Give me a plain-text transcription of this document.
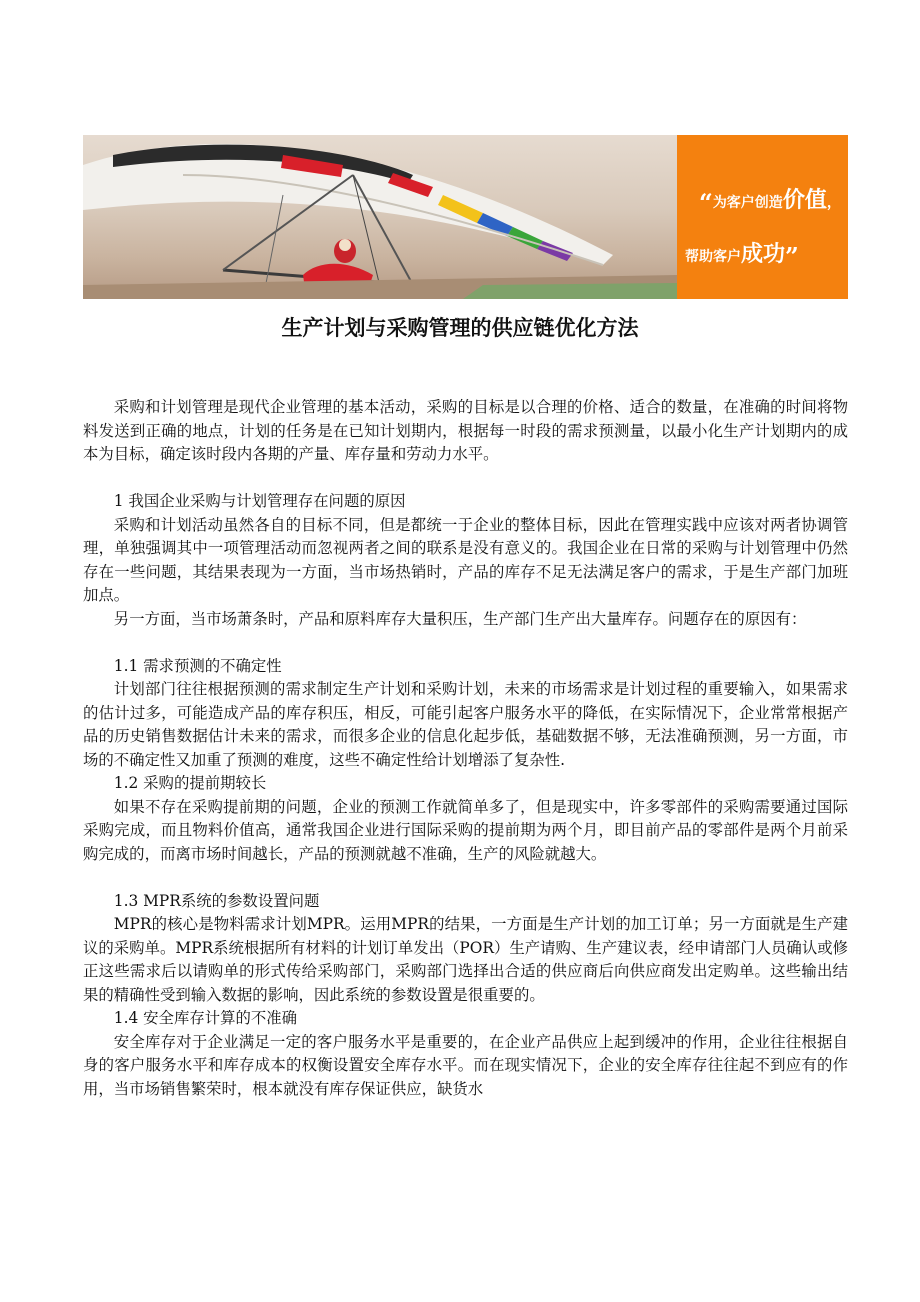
“为客户创造价值，
帮助客户成功”
生产计划与采购管理的供应链优化方法

采购和计划管理是现代企业管理的基本活动，采购的目标是以合理的价格、适合的数量，在准确的时间将物料发送到正确的地点，计划的任务是在已知计划期内，根据每一时段的需求预测量，以最小化生产计划期内的成本为目标，确定该时段内各期的产量、库存量和劳动力水平。

1 我国企业采购与计划管理存在问题的原因

采购和计划活动虽然各自的目标不同，但是都统一于企业的整体目标，因此在管理实践中应该对两者协调管理，单独强调其中一项管理活动而忽视两者之间的联系是没有意义的。我国企业在日常的采购与计划管理中仍然存在一些问题，其结果表现为一方面，当市场热销时，产品的库存不足无法满足客户的需求，于是生产部门加班加点。

另一方面，当市场萧条时，产品和原料库存大量积压，生产部门生产出大量库存。问题存在的原因有：

1.1 需求预测的不确定性

计划部门往往根据预测的需求制定生产计划和采购计划，未来的市场需求是计划过程的重要输入，如果需求的估计过多，可能造成产品的库存积压，相反，可能引起客户服务水平的降低，在实际情况下，企业常常根据产品的历史销售数据估计未来的需求，而很多企业的信息化起步低，基础数据不够，无法准确预测，另一方面，市场的不确定性又加重了预测的难度，这些不确定性给计划增添了复杂性.

1.2 采购的提前期较长

如果不存在采购提前期的问题，企业的预测工作就简单多了，但是现实中，许多零部件的采购需要通过国际采购完成，而且物料价值高，通常我国企业进行国际采购的提前期为两个月，即目前产品的零部件是两个月前采购完成的，而离市场时间越长，产品的预测就越不准确，生产的风险就越大。

1.3 MPR系统的参数设置问题

MPR的核心是物料需求计划MPR。运用MPR的结果，一方面是生产计划的加工订单；另一方面就是生产建议的采购单。MPR系统根据所有材料的计划订单发出（POR）生产请购、生产建议表，经申请部门人员确认或修正这些需求后以请购单的形式传给采购部门，采购部门选择出合适的供应商后向供应商发出定购单。这些输出结果的精确性受到输入数据的影响，因此系统的参数设置是很重要的。

1.4 安全库存计算的不准确

安全库存对于企业满足一定的客户服务水平是重要的，在企业产品供应上起到缓冲的作用，企业往往根据自身的客户服务水平和库存成本的权衡设置安全库存水平。而在现实情况下，企业的安全库存往往起不到应有的作用，当市场销售繁荣时，根本就没有库存保证供应，缺货水
